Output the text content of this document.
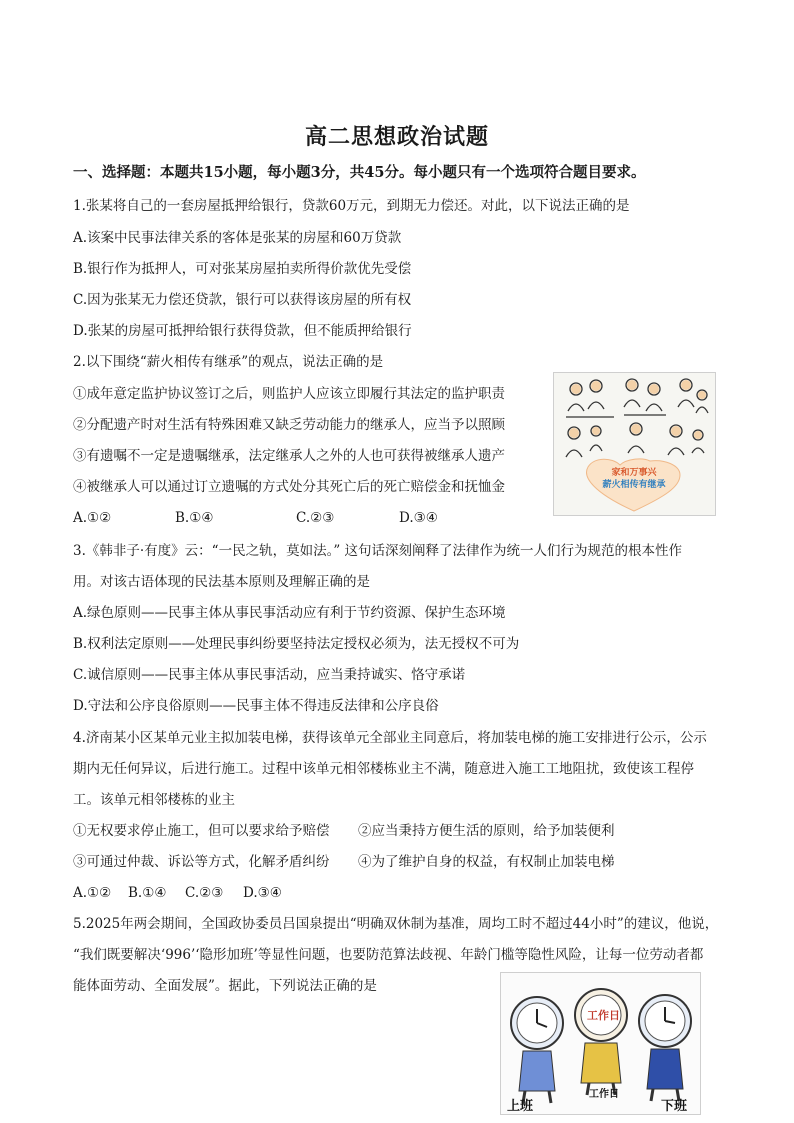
高二思想政治试题
一、选择题：本题共15小题，每小题3分，共45分。每小题只有一个选项符合题目要求。
1.张某将自己的一套房屋抵押给银行，贷款60万元，到期无力偿还。对此，以下说法正确的是
A.该案中民事法律关系的客体是张某的房屋和60万贷款
B.银行作为抵押人，可对张某房屋拍卖所得价款优先受偿
C.因为张某无力偿还贷款，银行可以获得该房屋的所有权
D.张某的房屋可抵押给银行获得贷款，但不能质押给银行
2.以下围绕“薪火相传有继承”的观点，说法正确的是
①成年意定监护协议签订之后，则监护人应该立即履行其法定的监护职责
②分配遗产时对生活有特殊困难又缺乏劳动能力的继承人，应当予以照顾
③有遗嘱不一定是遗嘱继承，法定继承人之外的人也可获得被继承人遗产
④被继承人可以通过订立遗嘱的方式处分其死亡后的死亡赔偿金和抚恤金
A.①②	B.①④	C.②③	D.③④
家和万事兴
薪火相传有继承
3.《韩非子·有度》云：“一民之轨，莫如法。” 这句话深刻阐释了法律作为统一人们行为规范的根本性作
用。对该古语体现的民法基本原则及理解正确的是
A.绿色原则——民事主体从事民事活动应有利于节约资源、保护生态环境
B.权利法定原则——处理民事纠纷要坚持法定授权必须为，法无授权不可为
C.诚信原则——民事主体从事民事活动，应当秉持诚实、恪守承诺
D.守法和公序良俗原则——民事主体不得违反法律和公序良俗
4.济南某小区某单元业主拟加装电梯，获得该单元全部业主同意后，将加装电梯的施工安排进行公示，公示
期内无任何异议，后进行施工。过程中该单元相邻楼栋业主不满，随意进入施工工地阻扰，致使该工程停
工。该单元相邻楼栋的业主
①无权要求停止施工，但可以要求给予赔偿 ②应当秉持方便生活的原则，给予加装便利
③可通过仲裁、诉讼等方式，化解矛盾纠纷 ④为了维护自身的权益，有权制止加装电梯
A.①② B.①④ C.②③ D.③④
5.2025年两会期间，全国政协委员吕国泉提出“明确双休制为基准，周均工时不超过44小时”的建议，他说，
“我们既要解决‘996’‘隐形加班’等显性问题，也要防范算法歧视、年龄门槛等隐性风险，让每一位劳动者都
能体面劳动、全面发展”。据此，下列说法正确的是
工作日
上班
工作日
下班
